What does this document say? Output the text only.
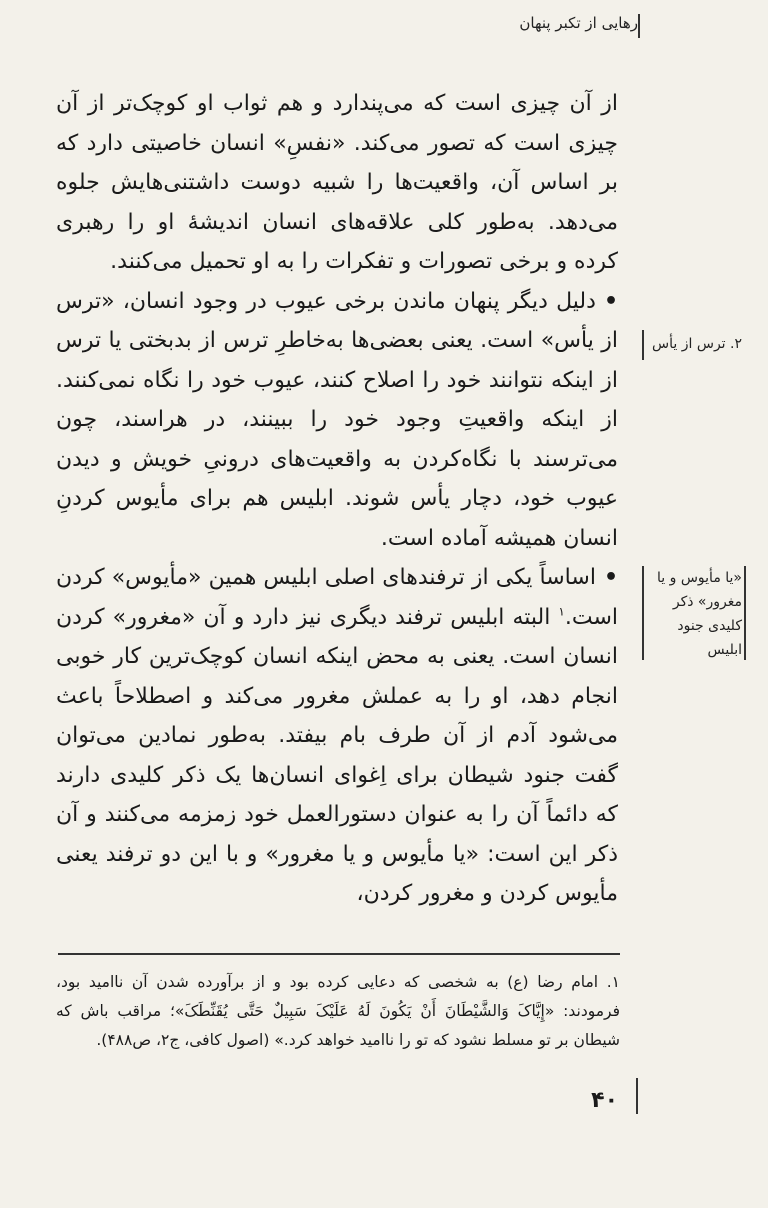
رهایی از تکبر پنهان

از آن چیزی است که می‌پندارد و هم ثواب او کوچک‌تر از آن چیزی است که تصور می‌کند. «نفسِ» انسان خاصیتی دارد که بر اساس آن، واقعیت‌ها را شبیه دوست داشتنی‌هایش جلوه می‌دهد. به‌طور کلی علاقه‌های انسان اندیشهٔ او را رهبری کرده و برخی تصورات و تفکرات را به او تحمیل می‌کنند.

•دلیل دیگر پنهان ماندن برخی عیوب در وجود انسان، «ترس از یأس» است. یعنی بعضی‌ها به‌خاطرِ ترس از بدبختی یا ترس از اینکه نتوانند خود را اصلاح کنند، عیوب خود را نگاه نمی‌کنند. از اینکه واقعیتِ وجود خود را ببینند، در هراسند، چون می‌ترسند با نگاه‌کردن به واقعیت‌های درونیِ خویش و دیدن عیوب خود، دچار یأس شوند. ابلیس هم برای مأیوس کردنِ انسان همیشه آماده است.

•اساساً یکی از ترفندهای اصلی ابلیس همین «مأیوس» کردن است.$^۱$ البته ابلیس ترفند دیگری نیز دارد و آن «مغرور» کردن انسان است. یعنی به محض اینکه انسان کوچک‌ترین کار خوبی انجام دهد، او را به عملش مغرور می‌کند و اصطلاحاً باعث می‌شود آدم از آن طرف بام بیفتد. به‌طور نمادین می‌توان گفت جنود شیطان برای اِغوای انسان‌ها یک ذکر کلیدی دارند که دائماً آن را به عنوان دستورالعمل خود زمزمه می‌کنند و آن ذکر این است: «یا مأیوس و یا مغرور» و با این دو ترفند یعنی مأیوس کردن و مغرور کردن،

۲. ترس از یأس
«یا مأیوس و یا مغرور» ذکر کلیدی جنود ابلیس
۱. امام رضا (ع) به شخصی که دعایی کرده بود و از برآورده شدن آن ناامید بود، فرمودند: «إِیَّاکَ وَالشَّیْطَانَ أَنْ یَکُونَ لَهُ عَلَیْکَ سَبِیلٌ حَتَّی یُقَنِّطَکَ»؛ مراقب باش که شیطان بر تو مسلط نشود که تو را ناامید خواهد کرد.» (اصول کافی، ج۲، ص۴۸۸).
۴۰
